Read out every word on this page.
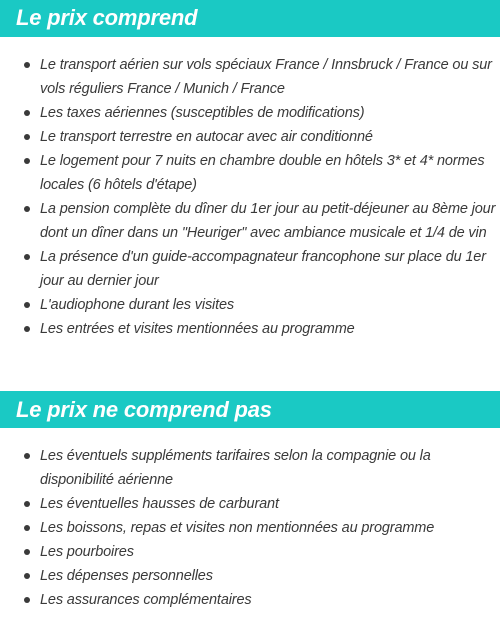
Le prix comprend
Le transport aérien sur vols spéciaux France / Innsbruck / France ou sur vols réguliers France / Munich / France
Les taxes aériennes (susceptibles de modifications)
Le transport terrestre en autocar avec air conditionné
Le logement pour 7 nuits en chambre double en hôtels 3* et 4* normes locales (6 hôtels d'étape)
La pension complète du dîner du 1er jour au petit-déjeuner au 8ème jour dont un dîner dans un "Heuriger" avec ambiance musicale et 1/4 de vin
La présence d'un guide-accompagnateur francophone sur place du 1er jour au dernier jour
L'audiophone durant les visites
Les entrées et visites mentionnées au programme
Le prix ne comprend pas
Les éventuels suppléments tarifaires selon la compagnie ou la disponibilité aérienne
Les éventuelles hausses de carburant
Les boissons, repas et visites non mentionnées au programme
Les pourboires
Les dépenses personnelles
Les assurances complémentaires
